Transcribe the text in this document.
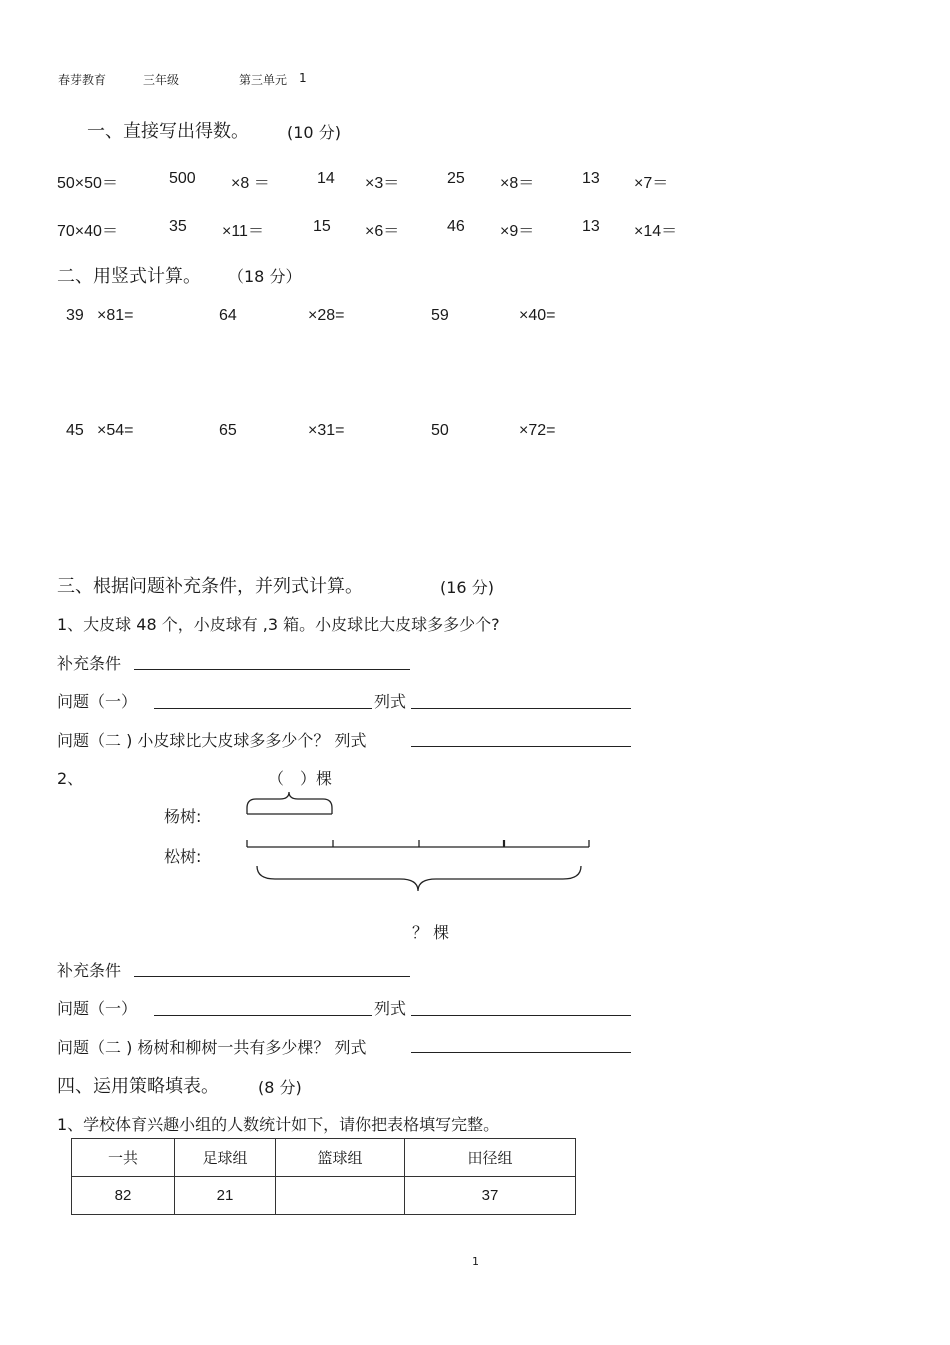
春芽教育	三年级	第三单元 1
一、直接写出得数。 (10 分)
50×50＝	500 ×8 ＝	14 ×3＝	25 ×8＝	13 ×7＝
70×40＝	35 ×11＝	15 ×6＝	46 ×9＝	13 ×14＝
二、用竖式计算。 （18 分）
39 ×81=	64	×28=	59	×40=
45 ×54=	65	×31=	50	×72=
三、根据问题补充条件，并列式计算。	(16 分)
1、大皮球 48 个，小皮球有 ,3 箱。小皮球比大皮球多多少个?
补充条件
问题（一）	列式
问题（二 ) 小皮球比大皮球多多少个？ 列式
2、	（　）棵
杨树:
松树:
？ 棵
补充条件
问题（一）	列式
问题（二 ) 杨树和柳树一共有多少棵？ 列式
四、运用策略填表。 (8 分)
1、学校体育兴趣小组的人数统计如下，请你把表格填写完整。
一共	足球组	篮球组	田径组
82	21		37
1
